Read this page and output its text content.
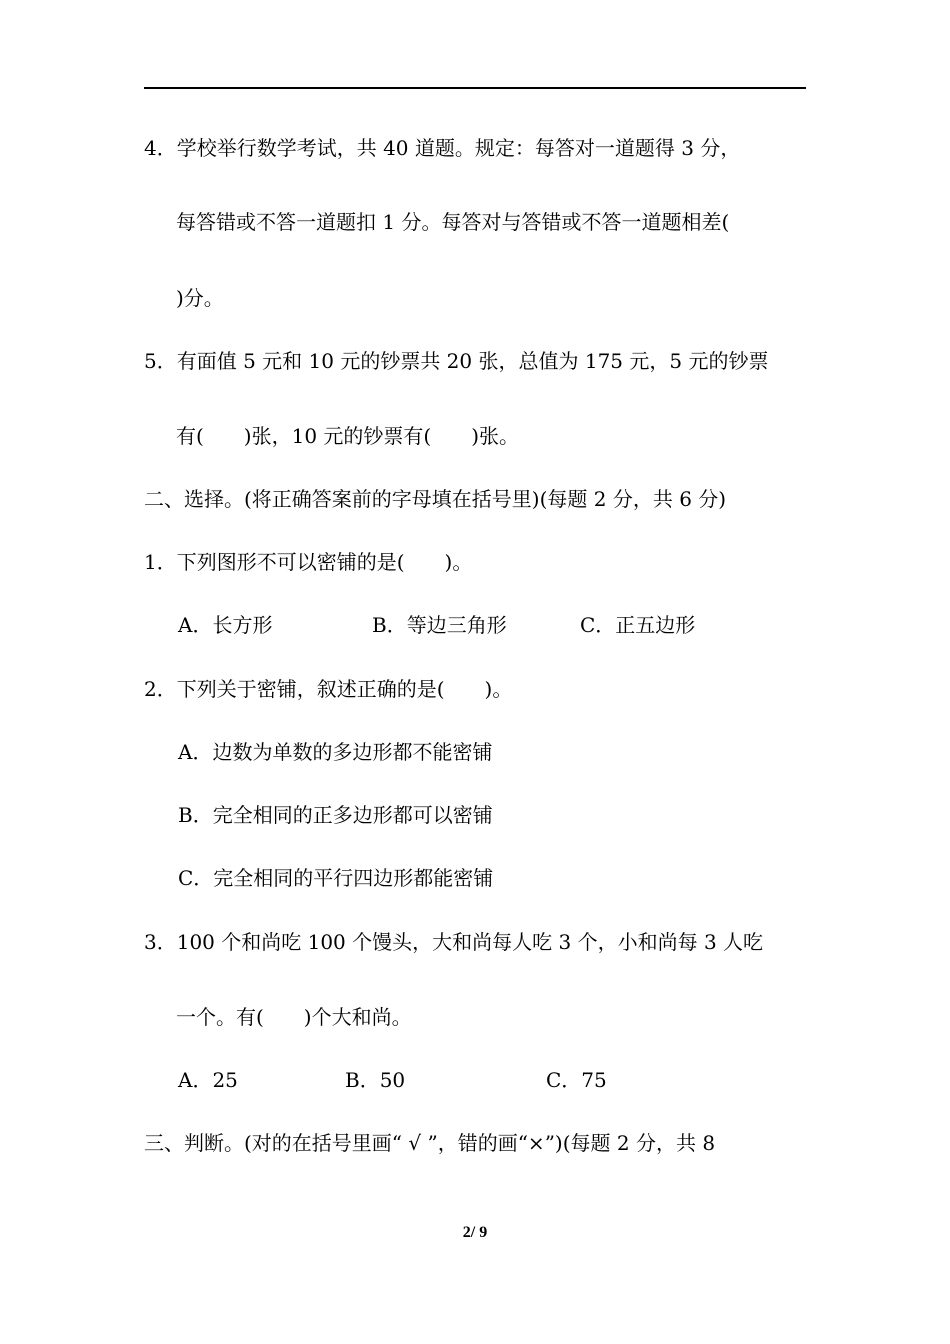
4．学校举行数学考试，共 40 道题。规定：每答对一道题得 3 分，
每答错或不答一道题扣 1 分。每答对与答错或不答一道题相差(
)分。
5．有面值 5 元和 10 元的钞票共 20 张，总值为 175 元，5 元的钞票
有(　　)张，10 元的钞票有(　　)张。
二、选择。(将正确答案前的字母填在括号里)(每题 2 分，共 6 分)
1．下列图形不可以密铺的是(　　)。
A．长方形	B．等边三角形	C．正五边形
2．下列关于密铺，叙述正确的是(　　)。
A．边数为单数的多边形都不能密铺
B．完全相同的正多边形都可以密铺
C．完全相同的平行四边形都能密铺
3．100 个和尚吃 100 个馒头，大和尚每人吃 3 个，小和尚每 3 人吃
一个。有(　　)个大和尚。
A．25	B．50	C．75
三、判断。(对的在括号里画“ √ ”，错的画“×”)(每题 2 分，共 8
2/ 9
